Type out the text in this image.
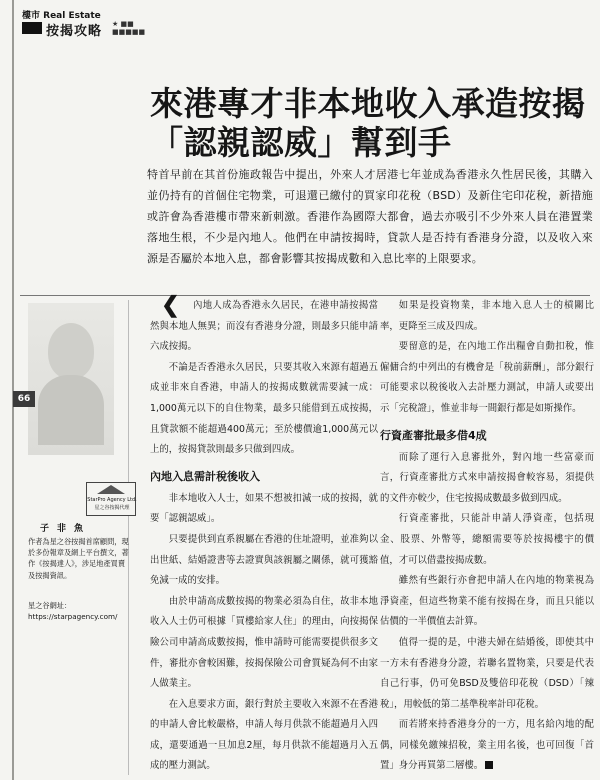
樓市 Real Estate
按揭攻略 ★ ■■
■■■■■
來港專才非本地收入承造按揭
「認親認威」幫到手
特首早前在其首份施政報告中提出，外來人才居港七年並成為香港永久性居民後，其購入並仍持有的首個住宅物業，可退還已繳付的買家印花稅（BSD）及新住宅印花稅，新措施或許會為香港樓市帶來新刺激。香港作為國際大都會，過去亦吸引不少外來人員在港置業落地生根，不少是內地人。他們在申請按揭時，貸款人是否持有香港身分證，以及收入來源是否屬於本地入息，都會影響其按揭成數和入息比率的上限要求。
StarPro Agency Ltd.
星之谷按揭代理
子非魚
作者為星之谷按揭首席顧問，現於多份報章及網上平台撰文，著作《按揭達人》，涉足地產買賣及按揭資訊。
星之谷網址：
https://starpagency.com/
66

❮ 內地人成為香港永久居民，在港申請按揭當然與本地人無異；而沒有香港身分證，則最多只能申請六成按揭。

不論是否香港永久居民，只要其收入來源有超過五成並非來自香港，申請人的按揭成數就需要減一成：1,000萬元以下的自住物業，最多只能借到五成按揭，且貸款額不能超過400萬元；至於樓價逾1,000萬元以上的，按揭貸款則最多只做到四成。

內地入息需計稅後收入

非本地收入人士，如果不想被扣減一成的按揭，就要「認親認威」。

只要提供到直系親屬在香港的住址證明，並准夠以出世紙、結婚證書等去證實與該親屬之關係，就可獲豁免減一成的安排。

由於申請高成數按揭的物業必須為自住，故非本地收入人士仍可根據「買樓給家人住」的理由，向按揭保險公司申請高成數按揭，惟申請時可能需要提供很多文件，審批亦會較困難，按揭保險公司會質疑為何不由家人做業主。

在入息要求方面，銀行對於主要收入來源不在香港的申請人會比較嚴格，申請人每月供款不能超過月入四成，還要通過一旦加息2厘，每月供款不能超過月入五成的壓力測試。

如果是投資物業，非本地入息人士的槓關比率，更降至三成及四成。

要留意的是，在內地工作出糧會自動扣稅，惟僱傭合約中列出的有機會是「稅前薪酬」，部分銀行可能要求以稅後收入去計壓力測試，申請人或要出示「完稅證」，惟並非每一間銀行都是如斯操作。

行資產審批最多借4成

而除了運行入息審批外，對內地一些富豪而言，行資產審批方式來申請按揭會較容易，須提供的文件亦較少，住宅按揭成數最多做到四成。

行資產審批，只能計申請人淨資產，包括現金、股票、外幣等，總額需要等於按揭樓宇的價值，才可以借盡按揭成數。

雖然有些銀行亦會把申請人在內地的物業視為淨資產，但這些物業不能有按揭在身，而且只能以估價的一半價值去計算。

值得一提的是，中港夫婦在結婚後，即使其中一方未有香港身分證，若聯名置物業，只要是代表自己行事，仍可免BSD及雙倍印花稅（DSD）「辣稅」，用較低的第二基準稅率計印花稅。

而若將來持香港身分的一方，甩名給內地的配偶，同樣免繳辣招稅，業主用名後，也可回復「首置」身分再買第二層樓。
